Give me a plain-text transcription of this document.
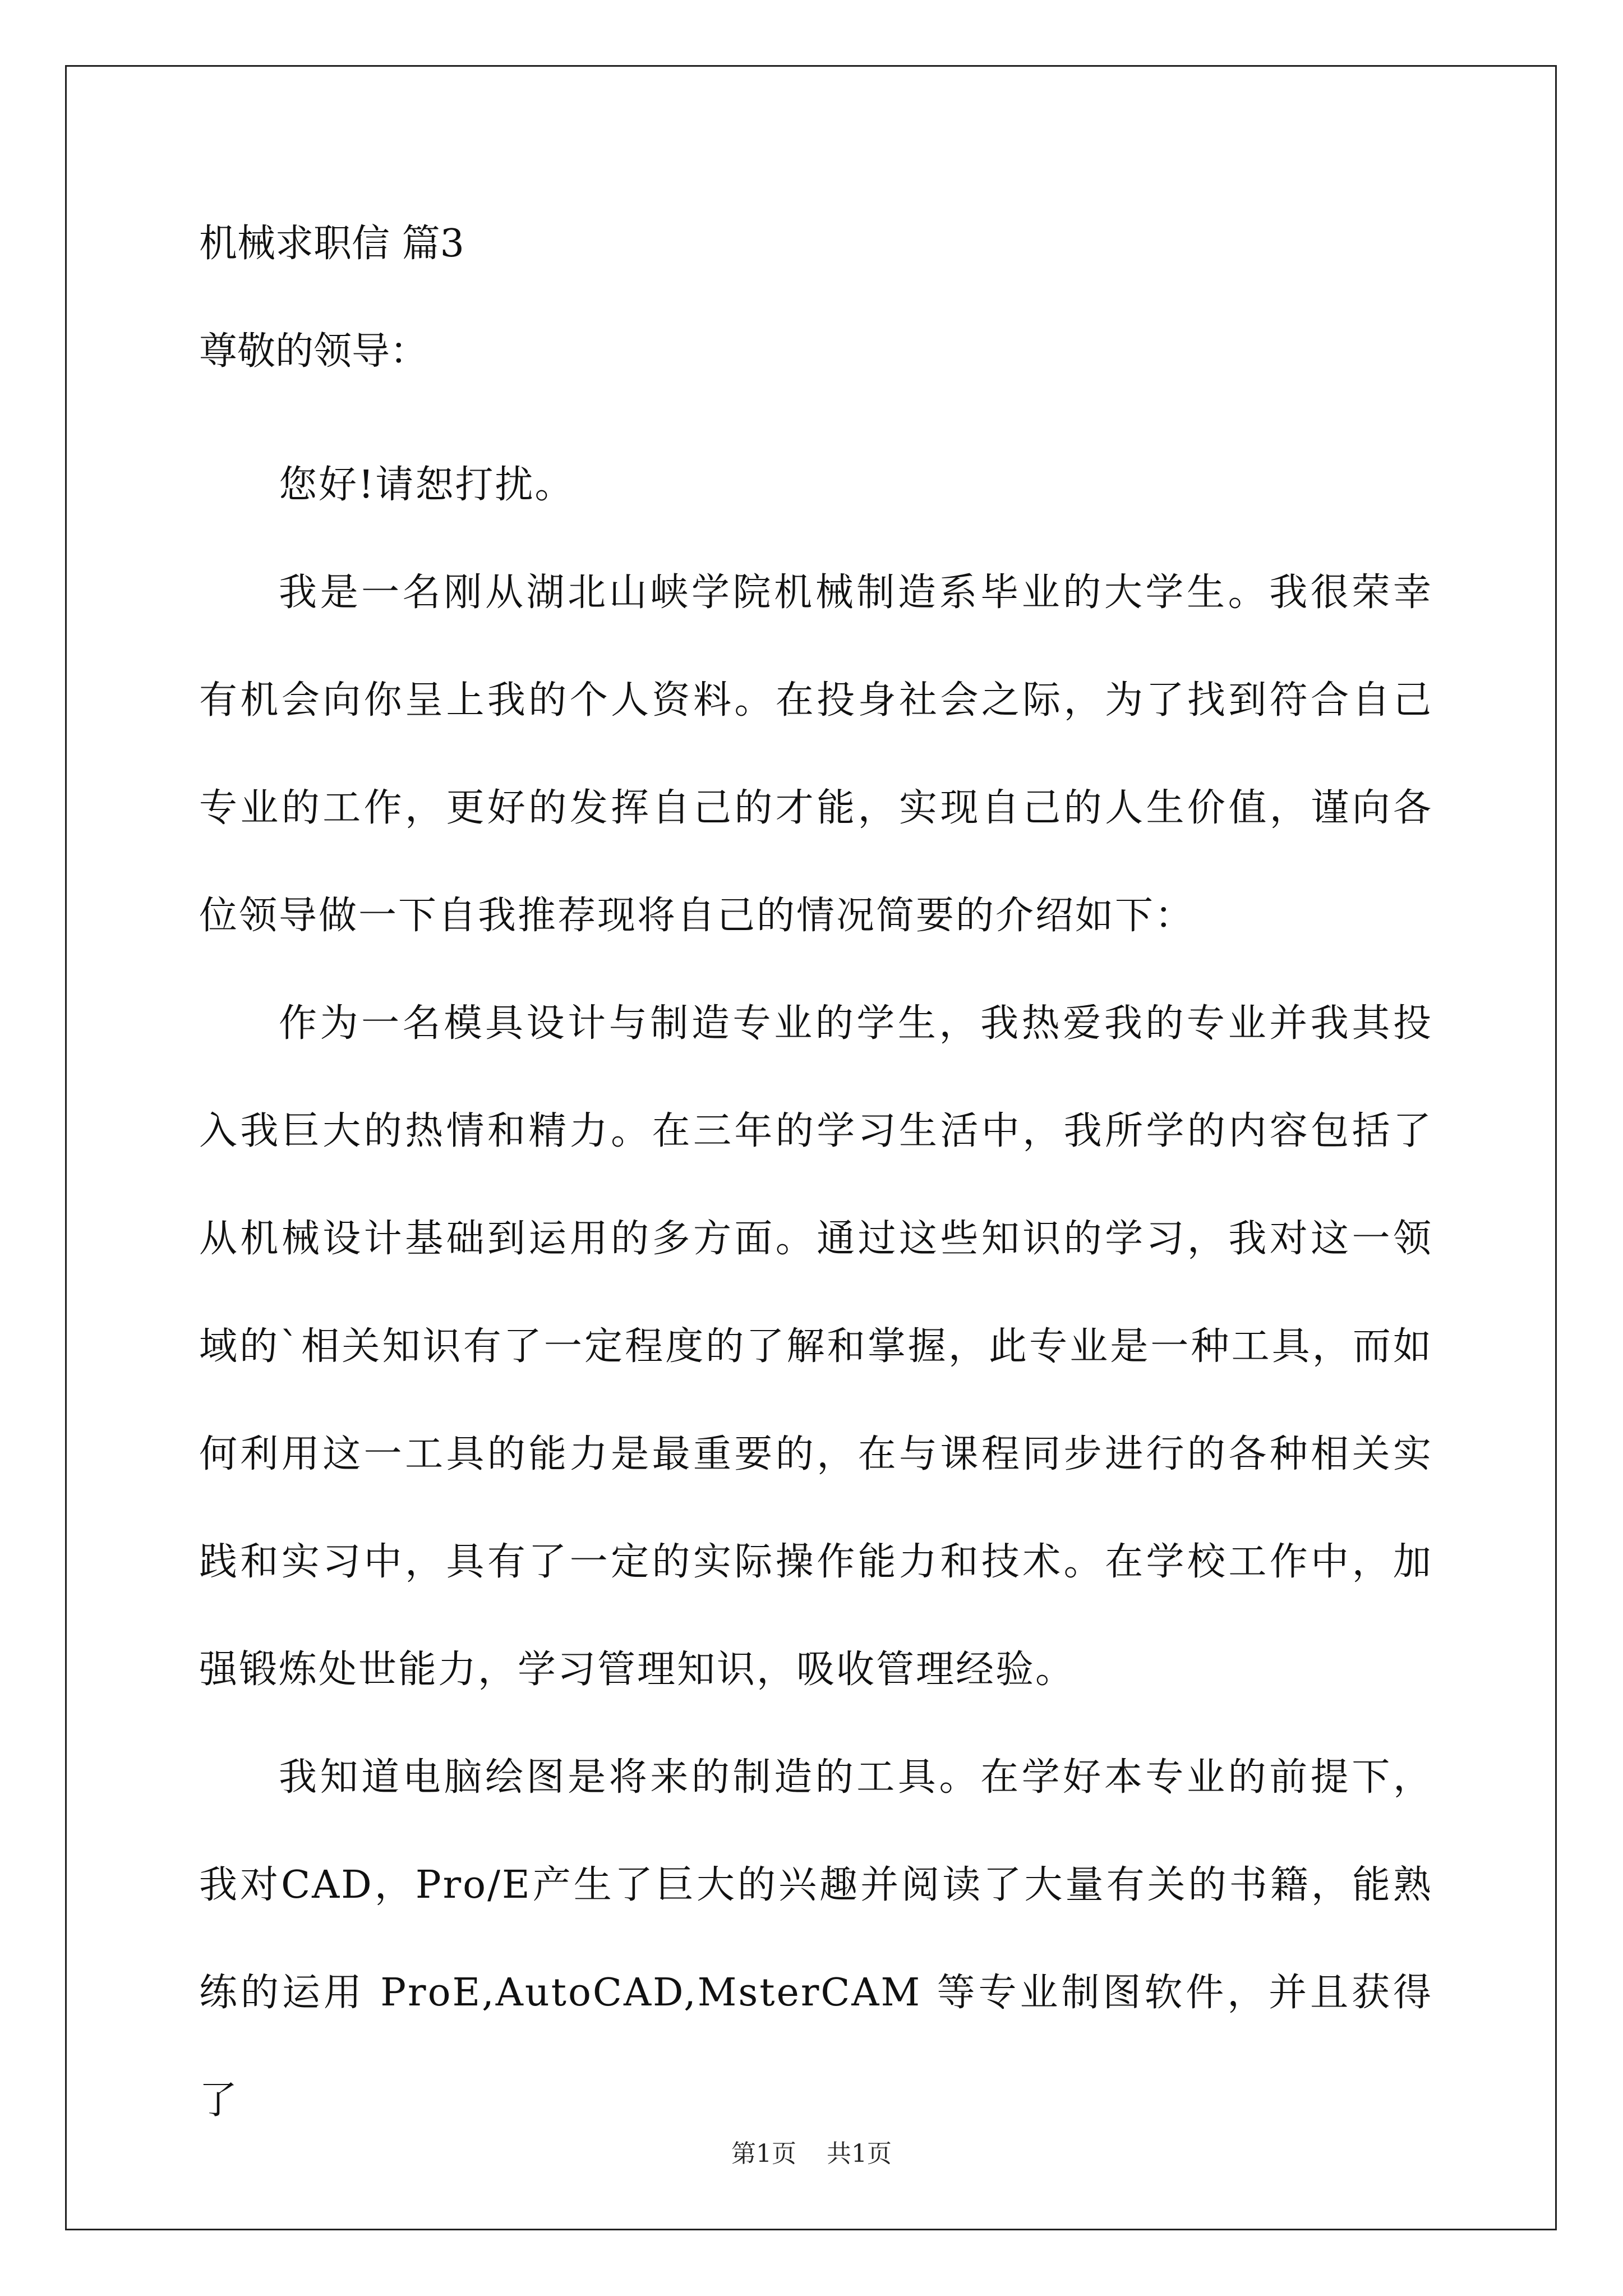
机械求职信 篇3
尊敬的领导：

您好!请恕打扰。

我是一名刚从湖北山峡学院机械制造系毕业的大学生。我很荣幸有机会向你呈上我的个人资料。在投身社会之际，为了找到符合自己专业的工作，更好的发挥自己的才能，实现自己的人生价值，谨向各位领导做一下自我推荐现将自己的情况简要的介绍如下：

作为一名模具设计与制造专业的学生，我热爱我的专业并我其投入我巨大的热情和精力。在三年的学习生活中，我所学的内容包括了从机械设计基础到运用的多方面。通过这些知识的学习，我对这一领域的`相关知识有了一定程度的了解和掌握，此专业是一种工具，而如何利用这一工具的能力是最重要的，在与课程同步进行的各种相关实践和实习中，具有了一定的实际操作能力和技术。在学校工作中，加强锻炼处世能力，学习管理知识，吸收管理经验。

我知道电脑绘图是将来的制造的工具。在学好本专业的前提下，我对CAD，Pro/E产生了巨大的兴趣并阅读了大量有关的书籍，能熟练的运用 ProE,AutoCAD,MsterCAM 等专业制图软件，并且获得了

第1页 共1页
